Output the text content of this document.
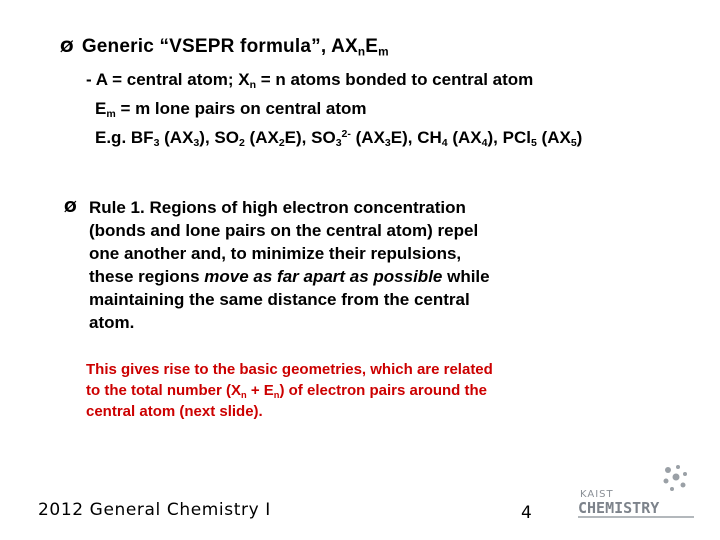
Ø Generic “VSEPR formula”, $AX_nE_m$
- A = central atom; $X_n = n$ atoms bonded to central atom
$E_m = m$ lone pairs on central atom
E.g. $BF_3$ $(AX_3)$, $SO_2$ $(AX_2E)$, $SO_3^{2-}$ $(AX_3E)$, $CH_4$ $(AX_4)$, PCl$_5$ $(AX_5)$
Ø Rule 1. Regions of high electron concentration
(bonds and lone pairs on the central atom) repel
one another and, to minimize their repulsions,
these regions move as far apart as possible while
maintaining the same distance from the central
atom.
This gives rise to the basic geometries, which are related
to the total number $(X_n + E_n)$ of electron pairs around the
central atom (next slide).
2012 General Chemistry I	4
KAIST
CHEMISTRY
